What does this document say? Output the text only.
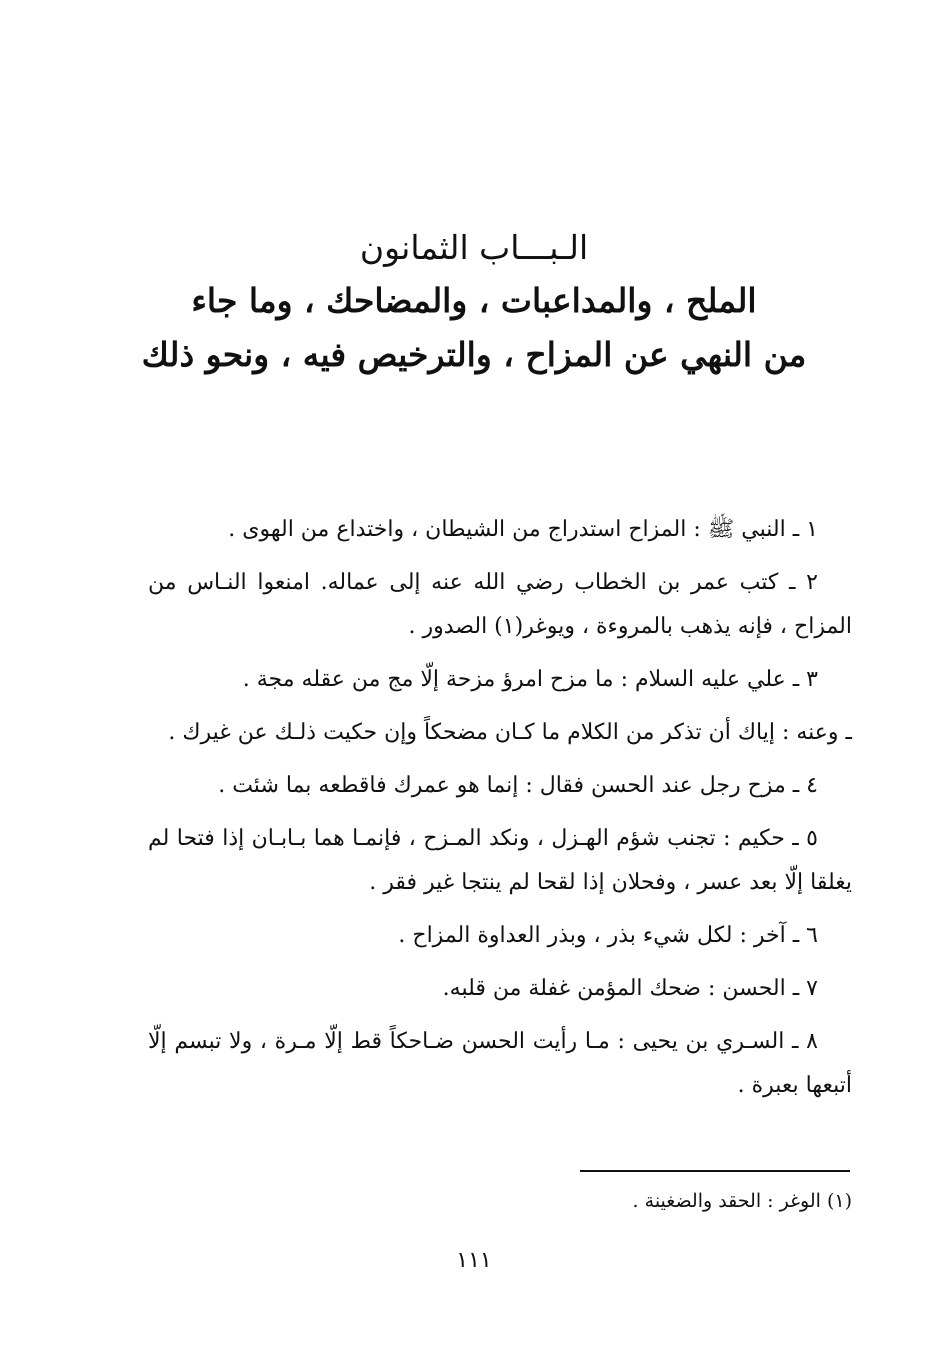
الـبـــاب الثمانون
الملح ، والمداعبات ، والمضاحك ، وما جاء
من النهي عن المزاح ، والترخيص فيه ، ونحو ذلك

١ ـ النبي ﷺ : المزاح استدراج من الشيطان ، واختداع من الهوى .

٢ ـ كتب عمر بن الخطاب رضي الله عنه إلى عماله. امنعوا النـاس من المزاح ، فإنه يذهب بالمروءة ، ويوغر(١) الصدور .

٣ ـ علي عليه السلام : ما مزح امرؤ مزحة إلّا مج من عقله مجة .

ـ وعنه : إياك أن تذكر من الكلام ما كـان مضحكاً وإن حكيت ذلـك عن غيرك .

٤ ـ مزح رجل عند الحسن فقال : إنما هو عمرك فاقطعه بما شئت .

٥ ـ حكيم : تجنب شؤم الهـزل ، ونكد المـزح ، فإنمـا هما بـابـان إذا فتحا لم يغلقا إلّا بعد عسر ، وفحلان إذا لقحا لم ينتجا غير فقر .

٦ ـ آخر : لكل شيء بذر ، وبذر العداوة المزاح .

٧ ـ الحسن : ضحك المؤمن غفلة من قلبه.

٨ ـ السـري بن يحيى : مـا رأيت الحسن ضـاحكاً قط إلّا مـرة ، ولا تبسم إلّا أتبعها بعبرة .

(١) الوغر : الحقد والضغينة .
١١١
